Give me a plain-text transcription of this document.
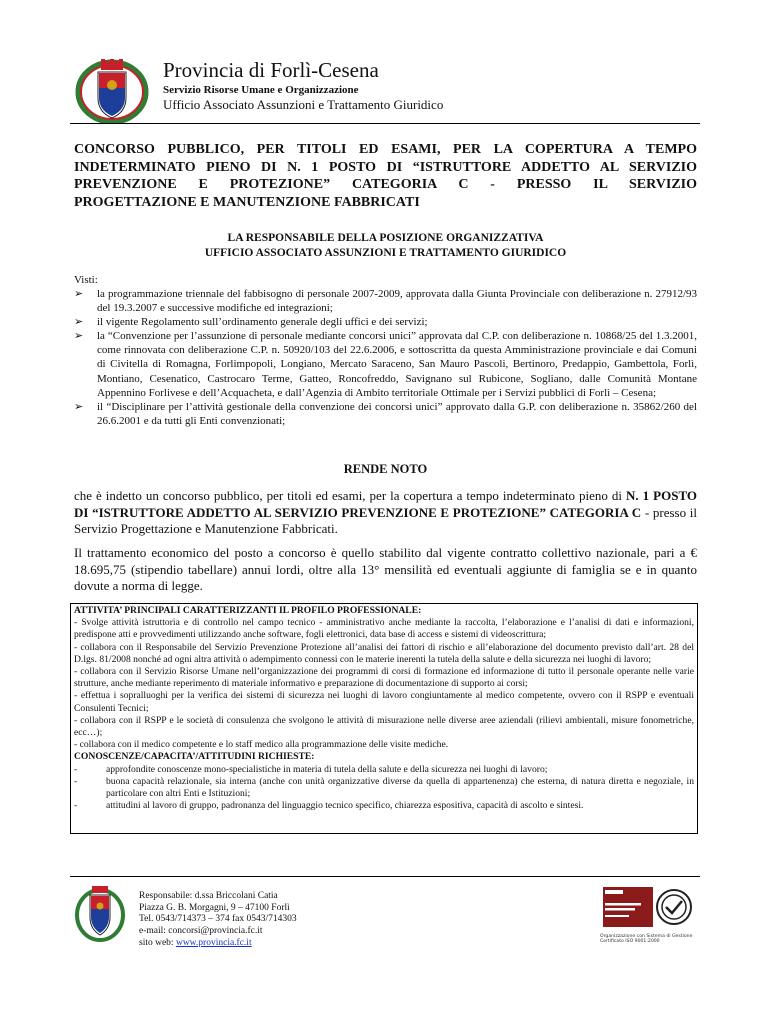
Provincia di Forlì-Cesena
Servizio Risorse Umane e Organizzazione
Ufficio Associato Assunzioni e Trattamento Giuridico
CONCORSO PUBBLICO, PER TITOLI ED ESAMI, PER LA COPERTURA A TEMPO INDETERMINATO PIENO DI N. 1 POSTO DI “ISTRUTTORE ADDETTO AL SERVIZIO PREVENZIONE E PROTEZIONE” CATEGORIA C - PRESSO IL SERVIZIO
PROGETTAZIONE E MANUTENZIONE FABBRICATI
LA RESPONSABILE DELLA POSIZIONE ORGANIZZATIVA
UFFICIO ASSOCIATO ASSUNZIONI E TRATTAMENTO GIURIDICO
Visti:
➢ la programmazione triennale del fabbisogno di personale 2007-2009, approvata dalla Giunta Provinciale con deliberazione n. 27912/93 del 19.3.2007 e successive modifiche ed integrazioni;
➢ il vigente Regolamento sull’ordinamento generale degli uffici e dei servizi;
➢ la “Convenzione per l’assunzione di personale mediante concorsi unici” approvata dal C.P. con deliberazione n. 10868/25 del 1.3.2001, come rinnovata con deliberazione C.P. n. 50920/103 del 22.6.2006, e sottoscritta da questa Amministrazione provinciale e dai Comuni di Civitella di Romagna, Forlimpopoli, Longiano, Mercato Saraceno, San Mauro Pascoli, Bertinoro, Predappio, Gambettola, Forlì, Montiano, Cesenatico, Castrocaro Terme, Gatteo, Roncofreddo, Savignano sul Rubicone, Sogliano, dalle Comunità Montane Appennino Forlivese e dell’Acquacheta, e dall’Agenzia di Ambito territoriale Ottimale per i Servizi pubblici di Forlì – Cesena;
➢ il “Disciplinare per l’attività gestionale della convenzione dei concorsi unici” approvato dalla G.P. con deliberazione n. 35862/260 del 26.6.2001 e da tutti gli Enti convenzionati;
RENDE NOTO
che è indetto un concorso pubblico, per titoli ed esami, per la copertura a tempo indeterminato pieno di N. 1 POSTO DI “ISTRUTTORE ADDETTO AL SERVIZIO PREVENZIONE E PROTEZIONE” CATEGORIA C - presso il Servizio Progettazione e Manutenzione Fabbricati.
Il trattamento economico del posto a concorso è quello stabilito dal vigente contratto collettivo nazionale, pari a € 18.695,75 (stipendio tabellare) annui lordi, oltre alla 13° mensilità ed eventuali aggiunte di famiglia se e in quanto dovute a norma di legge.

ATTIVITA’ PRINCIPALI CARATTERIZZANTI IL PROFILO PROFESSIONALE:

- Svolge attività istruttoria e di controllo nel campo tecnico - amministrativo anche mediante la raccolta, l’elaborazione e l’analisi di dati e informazioni, predispone atti e provvedimenti utilizzando anche software, fogli elettronici, data base di access e sistemi di videoscrittura;

- collabora con il Responsabile del Servizio Prevenzione Protezione all’analisi dei fattori di rischio e all’elaborazione del documento previsto dall’art. 28 del D.lgs. 81/2008 nonché ad ogni altra attività o adempimento connessi con le materie inerenti la tutela della salute e della sicurezza nei luoghi di lavoro;

- collabora con il Servizio Risorse Umane nell’organizzazione dei programmi di corsi di formazione ed informazione di tutto il personale operante nelle varie strutture, anche mediante reperimento di materiale informativo e preparazione di documentazione di supporto ai corsi;

- effettua i sopralluoghi per la verifica dei sistemi di sicurezza nei luoghi di lavoro congiuntamente al medico competente, ovvero con il RSPP e eventuali Consulenti Tecnici;

- collabora con il RSPP e le società di consulenza che svolgono le attività di misurazione nelle diverse aree aziendali (rilievi ambientali, misure fonometriche, ecc…);

- collabora con il medico competente e lo staff medico alla programmazione delle visite mediche.

CONOSCENZE/CAPACITA’/ATTITUDINI RICHIESTE:

-	approfondite conoscenze mono-specialistiche in materia di tutela della salute e della sicurezza nei luoghi di lavoro;

-	buona capacità relazionale, sia interna (anche con unità organizzative diverse da quella di appartenenza) che esterna, di natura diretta e negoziale, in particolare con altri Enti e Istituzioni;

-	attitudini al lavoro di gruppo, padronanza del linguaggio tecnico specifico, chiarezza espositiva, capacità di ascolto e sintesi.

Responsabile: d.ssa Briccolani Catia
Piazza G. B. Morgagni, 9 – 47100 Forlì
Tel. 0543/714373 – 374 fax 0543/714303
e-mail: concorsi@provincia.fc.it
sito web: www.provincia.fc.it
Organizzazione con Sistema di Gestione Certificato ISO 9001:2000
